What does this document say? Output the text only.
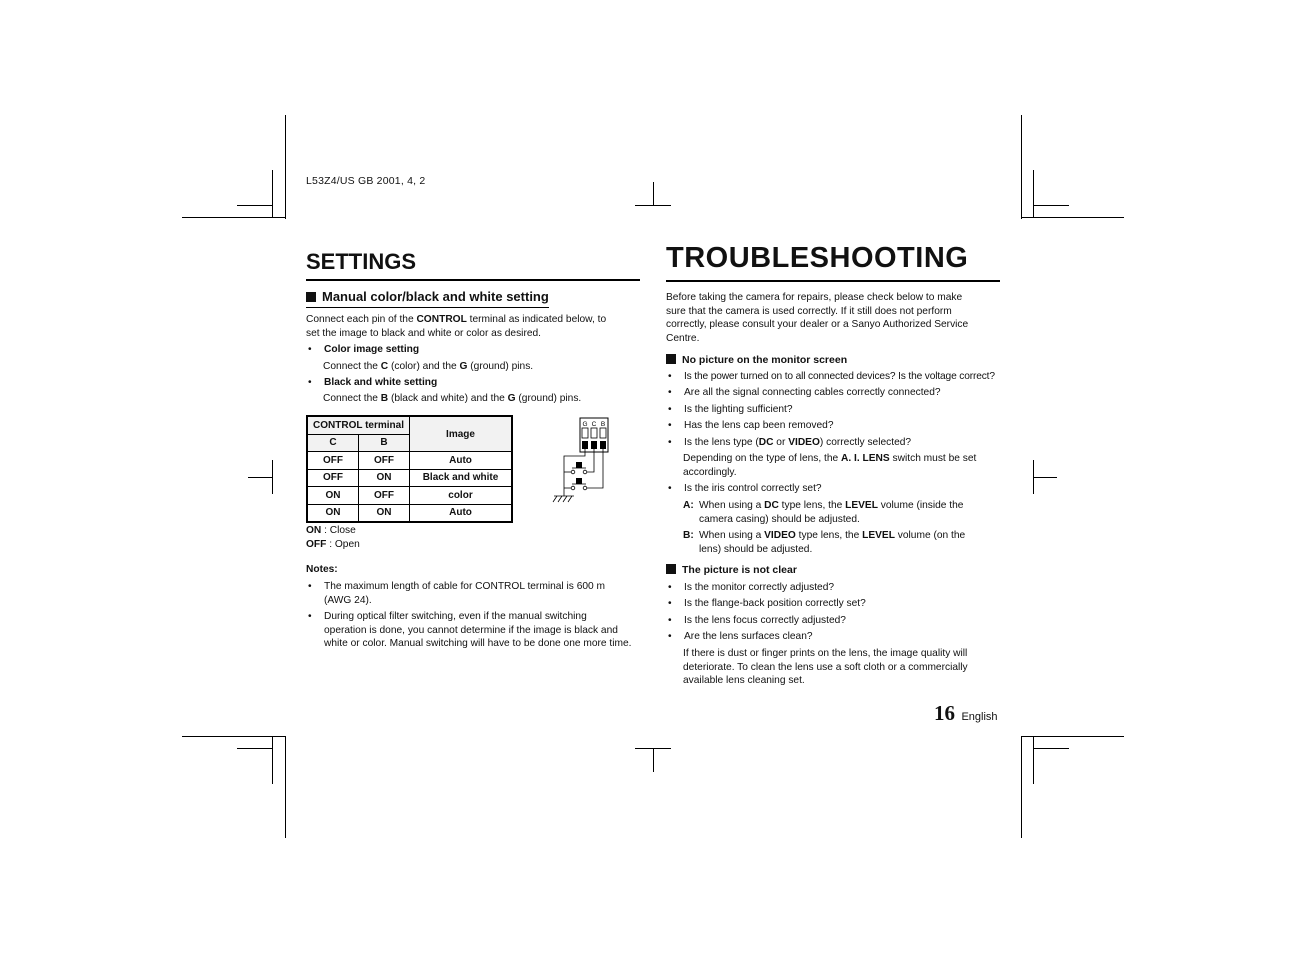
L53Z4/US GB 2001, 4, 2
SETTINGS
Manual color/black and white setting
Connect each pin of the CONTROL terminal as indicated below, to
set the image to black and white or color as desired.
• Color image setting
Connect the C (color) and the G (ground) pins.
• Black and white setting
Connect the B (black and white) and the G (ground) pins.
CONTROL terminal		Image
C	B	
OFF	OFF	Auto
OFF	ON	Black and white
ON	OFF	color
ON	ON	Auto
ON : Close
OFF : Open
G C B
Notes:
• The maximum length of cable for CONTROL terminal is 600 m
(AWG 24).
• During optical filter switching, even if the manual switching
operation is done, you cannot determine if the image is black and
white or color. Manual switching will have to be done one more time.
TROUBLESHOOTING
Before taking the camera for repairs, please check below to make
sure that the camera is used correctly. If it still does not perform
correctly, please consult your dealer or a Sanyo Authorized Service
Centre.
No picture on the monitor screen
• Is the power turned on to all connected devices? Is the voltage correct?
• Are all the signal connecting cables correctly connected?
• Is the lighting sufficient?
• Has the lens cap been removed?
• Is the lens type (DC or VIDEO) correctly selected?
Depending on the type of lens, the A. I. LENS switch must be set
accordingly.
• Is the iris control correctly set?
A: When using a DC type lens, the LEVEL volume (inside the
camera casing) should be adjusted.
B: When using a VIDEO type lens, the LEVEL volume (on the
lens) should be adjusted.
The picture is not clear
• Is the monitor correctly adjusted?
• Is the flange-back position correctly set?
• Is the lens focus correctly adjusted?
• Are the lens surfaces clean?
If there is dust or finger prints on the lens, the image quality will
deteriorate. To clean the lens use a soft cloth or a commercially
available lens cleaning set.
16 English
